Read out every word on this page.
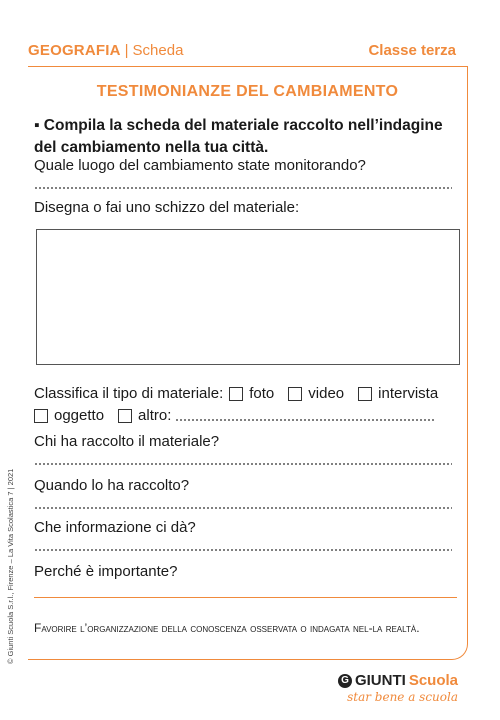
GEOGRAFIA | Scheda	Classe terza
TESTIMONIANZE DEL CAMBIAMENTO
▪ Compila la scheda del materiale raccolto nell’indagine del cambiamento nella tua città.
Quale luogo del cambiamento state monitorando?
Disegna o fai uno schizzo del materiale:
Classifica il tipo di materiale: foto video intervista
oggetto altro:
Chi ha raccolto il materiale?
Quando lo ha raccolto?
Che informazione ci dà?
Perché è importante?
Favorire l’organizzazione della conoscenza osservata o indagata nel-la realtà.
© Giunti Scuola S.r.l., Firenze – La Vita Scolastica 7 | 2021
G GIUNTI Scuola
star bene a scuola
